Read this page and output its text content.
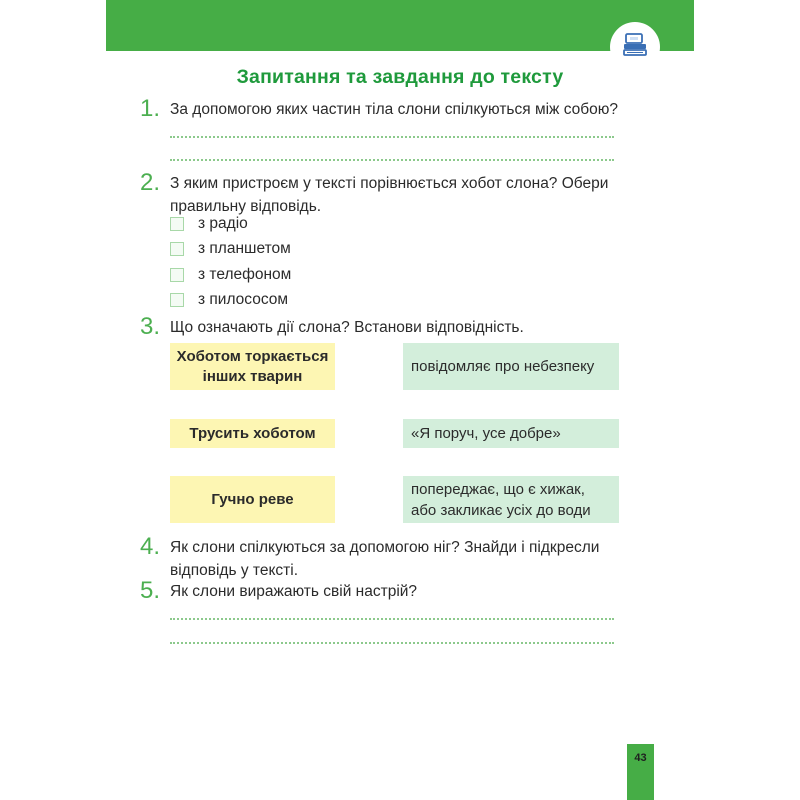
Запитання та завдання до тексту
1. За допомогою яких частин тіла слони спілкуються між собою?
2. З яким пристроєм у тексті порівнюється хобот слона? Обери
правильну відповідь.
з радіо
з планшетом
з телефоном
з пилососом
3. Що означають дії слона? Встанови відповідність.
Хоботом торкається
інших тварин
повідомляє про небезпеку
Трусить хоботом	«Я поруч, усе добре»
Гучно реве
попереджає, що є хижак,
або закликає усіх до води
4. Як слони спілкуються за допомогою ніг? Знайди і підкресли
відповідь у тексті.
5. Як слони виражають свій настрій?
43
